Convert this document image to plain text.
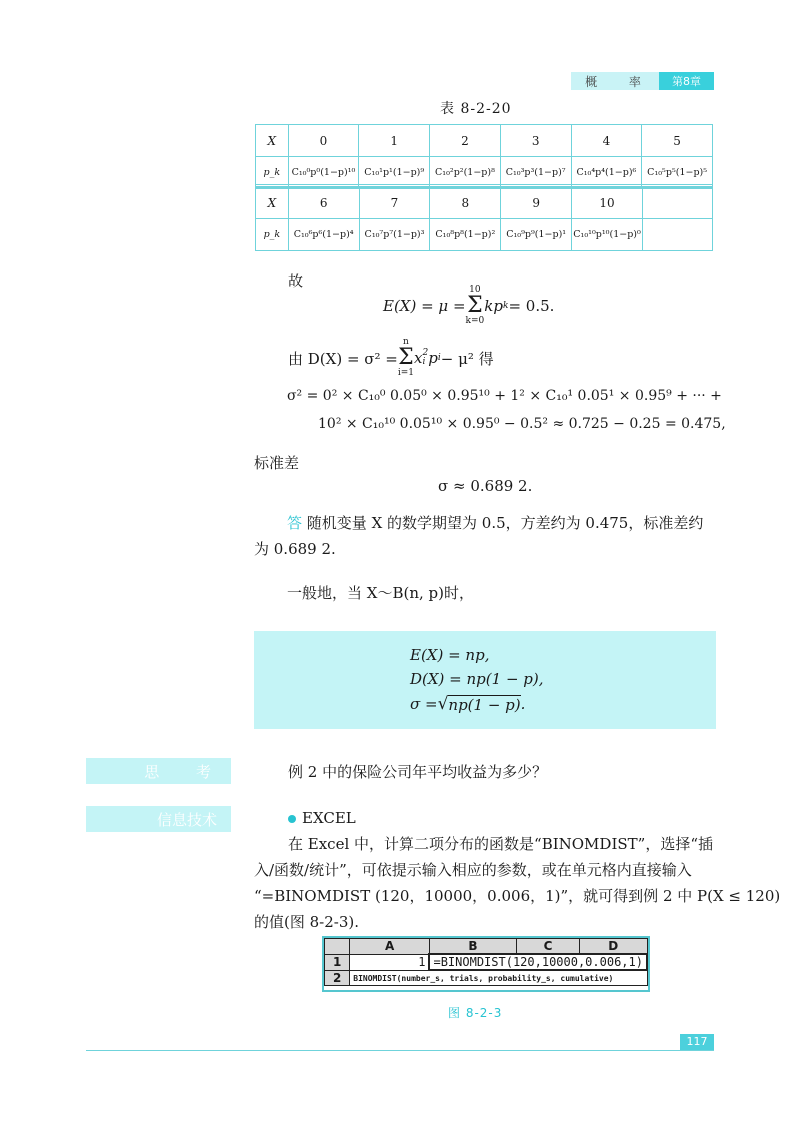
概 率	第8章
表 8-2-20
X	0	1	2	3	4	5
p_k	C₁₀⁰p⁰(1−p)¹⁰	C₁₀¹p¹(1−p)⁹	C₁₀²p²(1−p)⁸	C₁₀³p³(1−p)⁷	C₁₀⁴p⁴(1−p)⁶	C₁₀⁵p⁵(1−p)⁵
X	6	7	8	9	10	
p_k	C₁₀⁶p⁶(1−p)⁴	C₁₀⁷p⁷(1−p)³	C₁₀⁸p⁸(1−p)²	C₁₀⁹p⁹(1−p)¹	C₁₀¹⁰p¹⁰(1−p)⁰	
故
E(X) = μ =
10
Σ
k=0
kp k = 0.5.
由 D(X) = σ² =
n
Σ
i=1
x 2
i p i − μ² 得
σ² = 0² × C₁₀⁰ 0.05⁰ × 0.95¹⁰ + 1² × C₁₀¹ 0.05¹ × 0.95⁹ + ··· +
10² × C₁₀¹⁰ 0.05¹⁰ × 0.95⁰ − 0.5² ≈ 0.725 − 0.25 = 0.475,
标准差
σ ≈ 0.689 2.
答 随机变量 X 的数学期望为 0.5，方差约为 0.475，标准差约
为 0.689 2.
一般地，当 X～B(n, p)时，
E(X) = np,
D(X) = np(1 − p),
σ = √ np(1 − p) .
思 考	例 2 中的保险公司年平均收益为多少？
信息技术	EXCEL
在 Excel 中，计算二项分布的函数是“BINOMDIST”，选择“插
入/函数/统计”，可依提示输入相应的参数，或在单元格内直接输入
“=BINOMDIST (120，10000，0.006，1)”，就可得到例 2 中 P(X ≤ 120)
的值(图 8-2-3).
	A	B	C	D
1	1	=BINOMDIST(120,10000,0.006,1)		
2	BINOMDIST(number_s, trials, probability_s, cumulative)			
图 8-2-3
117
